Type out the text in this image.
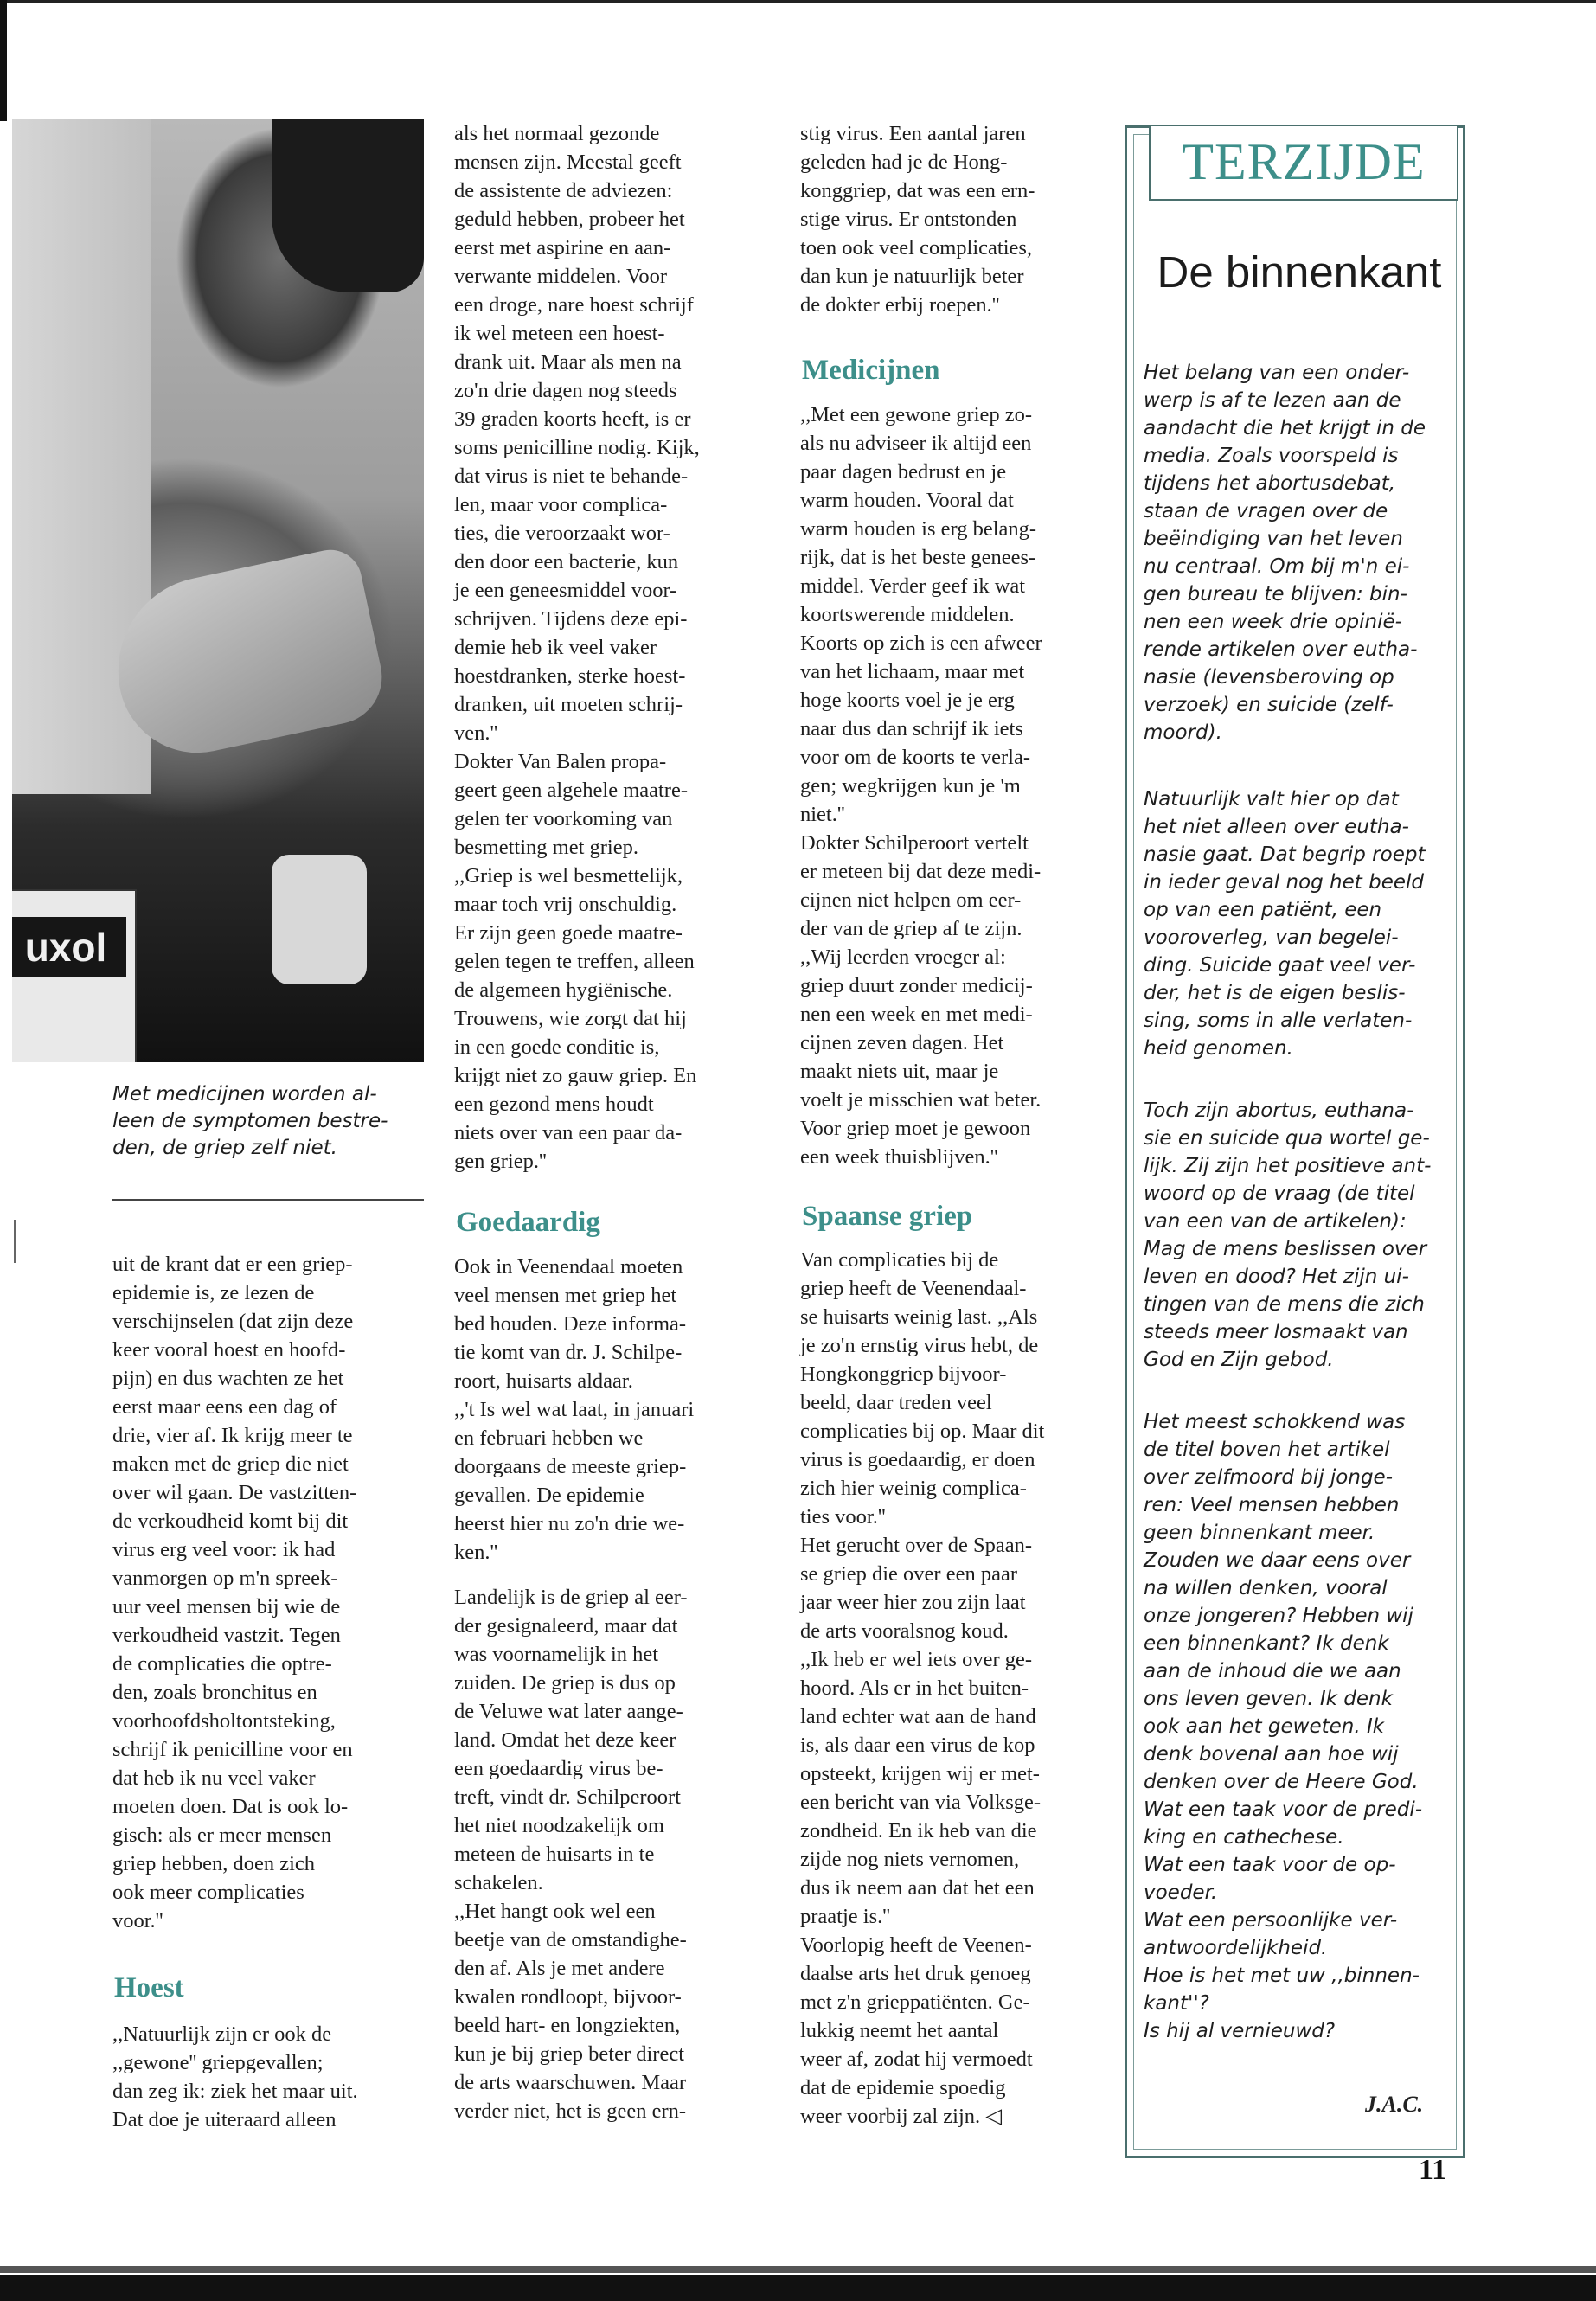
uxol

Met medicijnen worden al-
leen de symptomen bestre-
den, de griep zelf niet.

uit de krant dat er een griep-
epidemie is, ze lezen de
verschijnselen (dat zijn deze
keer vooral hoest en hoofd-
pijn) en dus wachten ze het
eerst maar eens een dag of
drie, vier af. Ik krijg meer te
maken met de griep die niet
over wil gaan. De vastzitten-
de verkoudheid komt bij dit
virus erg veel voor: ik had
vanmorgen op m'n spreek-
uur veel mensen bij wie de
verkoudheid vastzit. Tegen
de complicaties die optre-
den, zoals bronchitus en
voorhoofdsholtontsteking,
schrijf ik penicilline voor en
dat heb ik nu veel vaker
moeten doen. Dat is ook lo-
gisch: als er meer mensen
griep hebben, doen zich
ook meer complicaties
voor.''

Hoest

,,Natuurlijk zijn er ook de
,,gewone'' griepgevallen;
dan zeg ik: ziek het maar uit.
Dat doe je uiteraard alleen

als het normaal gezonde
mensen zijn. Meestal geeft
de assistente de adviezen:
geduld hebben, probeer het
eerst met aspirine en aan-
verwante middelen. Voor
een droge, nare hoest schrijf
ik wel meteen een hoest-
drank uit. Maar als men na
zo'n drie dagen nog steeds
39 graden koorts heeft, is er
soms penicilline nodig. Kijk,
dat virus is niet te behande-
len, maar voor complica-
ties, die veroorzaakt wor-
den door een bacterie, kun
je een geneesmiddel voor-
schrijven. Tijdens deze epi-
demie heb ik veel vaker
hoestdranken, sterke hoest-
dranken, uit moeten schrij-
ven.''
Dokter Van Balen propa-
geert geen algehele maatre-
gelen ter voorkoming van
besmetting met griep.
,,Griep is wel besmettelijk,
maar toch vrij onschuldig.
Er zijn geen goede maatre-
gelen tegen te treffen, alleen
de algemeen hygiënische.
Trouwens, wie zorgt dat hij
in een goede conditie is,
krijgt niet zo gauw griep. En
een gezond mens houdt
niets over van een paar da-
gen griep.''

Goedaardig

Ook in Veenendaal moeten
veel mensen met griep het
bed houden. Deze informa-
tie komt van dr. J. Schilpe-
roort, huisarts aldaar.
,,'t Is wel wat laat, in januari
en februari hebben we
doorgaans de meeste griep-
gevallen. De epidemie
heerst hier nu zo'n drie we-
ken.''

Landelijk is de griep al eer-
der gesignaleerd, maar dat
was voornamelijk in het
zuiden. De griep is dus op
de Veluwe wat later aange-
land. Omdat het deze keer
een goedaardig virus be-
treft, vindt dr. Schilperoort
het niet noodzakelijk om
meteen de huisarts in te
schakelen.
,,Het hangt ook wel een
beetje van de omstandighe-
den af. Als je met andere
kwalen rondloopt, bijvoor-
beeld hart- en longziekten,
kun je bij griep beter direct
de arts waarschuwen. Maar
verder niet, het is geen ern-

stig virus. Een aantal jaren
geleden had je de Hong-
konggriep, dat was een ern-
stige virus. Er ontstonden
toen ook veel complicaties,
dan kun je natuurlijk beter
de dokter erbij roepen.''

Medicijnen

,,Met een gewone griep zo-
als nu adviseer ik altijd een
paar dagen bedrust en je
warm houden. Vooral dat
warm houden is erg belang-
rijk, dat is het beste genees-
middel. Verder geef ik wat
koortswerende middelen.
Koorts op zich is een afweer
van het lichaam, maar met
hoge koorts voel je je erg
naar dus dan schrijf ik iets
voor om de koorts te verla-
gen; wegkrijgen kun je 'm
niet.''
Dokter Schilperoort vertelt
er meteen bij dat deze medi-
cijnen niet helpen om eer-
der van de griep af te zijn.
,,Wij leerden vroeger al:
griep duurt zonder medicij-
nen een week en met medi-
cijnen zeven dagen. Het
maakt niets uit, maar je
voelt je misschien wat beter.
Voor griep moet je gewoon
een week thuisblijven.''

Spaanse griep

Van complicaties bij de
griep heeft de Veenendaal-
se huisarts weinig last. ,,Als
je zo'n ernstig virus hebt, de
Hongkonggriep bijvoor-
beeld, daar treden veel
complicaties bij op. Maar dit
virus is goedaardig, er doen
zich hier weinig complica-
ties voor.''
Het gerucht over de Spaan-
se griep die over een paar
jaar weer hier zou zijn laat
de arts vooralsnog koud.
,,Ik heb er wel iets over ge-
hoord. Als er in het buiten-
land echter wat aan de hand
is, als daar een virus de kop
opsteekt, krijgen wij er met-
een bericht van via Volksge-
zondheid. En ik heb van die
zijde nog niets vernomen,
dus ik neem aan dat het een
praatje is.''
Voorlopig heeft de Veenen-
daalse arts het druk genoeg
met z'n grieppatiënten. Ge-
lukkig neemt het aantal
weer af, zodat hij vermoedt
dat de epidemie spoedig
weer voorbij zal zijn. ◁

TERZIJDE
De binnenkant

Het belang van een onder-
werp is af te lezen aan de
aandacht die het krijgt in de
media. Zoals voorspeld is
tijdens het abortusdebat,
staan de vragen over de
beëindiging van het leven
nu centraal. Om bij m'n ei-
gen bureau te blijven: bin-
nen een week drie opinië-
rende artikelen over eutha-
nasie (levensberoving op
verzoek) en suicide (zelf-
moord).

Natuurlijk valt hier op dat
het niet alleen over eutha-
nasie gaat. Dat begrip roept
in ieder geval nog het beeld
op van een patiënt, een
vooroverleg, van begelei-
ding. Suicide gaat veel ver-
der, het is de eigen beslis-
sing, soms in alle verlaten-
heid genomen.

Toch zijn abortus, euthana-
sie en suicide qua wortel ge-
lijk. Zij zijn het positieve ant-
woord op de vraag (de titel
van een van de artikelen):
Mag de mens beslissen over
leven en dood? Het zijn ui-
tingen van de mens die zich
steeds meer losmaakt van
God en Zijn gebod.

Het meest schokkend was
de titel boven het artikel
over zelfmoord bij jonge-
ren: Veel mensen hebben
geen binnenkant meer.
Zouden we daar eens over
na willen denken, vooral
onze jongeren? Hebben wij
een binnenkant? Ik denk
aan de inhoud die we aan
ons leven geven. Ik denk
ook aan het geweten. Ik
denk bovenal aan hoe wij
denken over de Heere God.
Wat een taak voor de predi-
king en cathechese.
Wat een taak voor de op-
voeder.
Wat een persoonlijke ver-
antwoordelijkheid.
Hoe is het met uw ,,binnen-
kant''?
Is hij al vernieuwd?

J.A.C.
11
